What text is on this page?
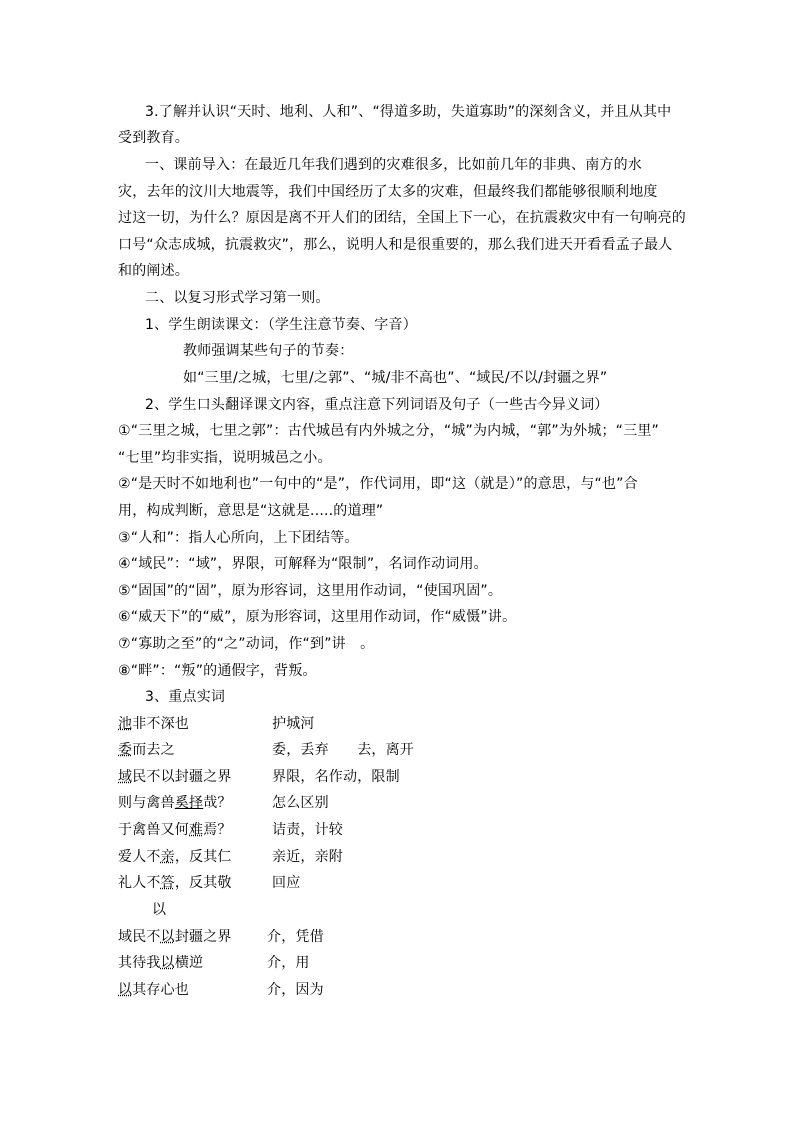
3.了解并认识“天时、地利、人和”、“得道多助，失道寡助”的深刻含义，并且从其中
受到教育。
一、课前导入：在最近几年我们遇到的灾难很多，比如前几年的非典、南方的水
灾，去年的汶川大地震等，我们中国经历了太多的灾难，但最终我们都能够很顺利地度
过这一切，为什么？原因是离不开人们的团结，全国上下一心，在抗震救灾中有一句响亮的
口号“众志成城，抗震救灾”，那么，说明人和是很重要的，那么我们进天开看看孟子最人
和的阐述。
二、以复习形式学习第一则。
1、学生朗读课文：（学生注意节奏、字音）
教师强调某些句子的节奏：
如“三里/之城，七里/之郭”、“城/非不高也”、“域民/不以/封疆之界”
2、学生口头翻译课文内容，重点注意下列词语及句子（一些古今异义词）
①“三里之城，七里之郭”：古代城邑有内外城之分，“城”为内城，“郭”为外城；“三里”
“七里”均非实指，说明城邑之小。
②“是天时不如地利也”一句中的“是”，作代词用，即“这（就是）”的意思，与“也”合
用，构成判断，意思是“这就是.....的道理”
③“人和”：指人心所向，上下团结等。
④“域民”：“域”，界限，可解释为“限制”，名词作动词用。
⑤“固国”的“固”，原为形容词，这里用作动词，“使国巩固”。
⑥“威天下”的“威”，原为形容词，这里用作动词，作“威慑”讲。
⑦“寡助之至”的“之”动词，作“到”讲　。
⑧“畔”：“叛”的通假字，背叛。
3、重点实词
池非不深也	护城河
委而去之	委，丢弃　　去，离开
域民不以封疆之界	界限，名作动，限制
则与禽兽奚择哉？	怎么区别
于禽兽又何难焉？	诘责，计较
爱人不亲，反其仁	亲近，亲附
礼人不答，反其敬	回应
以
域民不以封疆之界	介，凭借
其待我以横逆	介，用
以其存心也	介，因为
